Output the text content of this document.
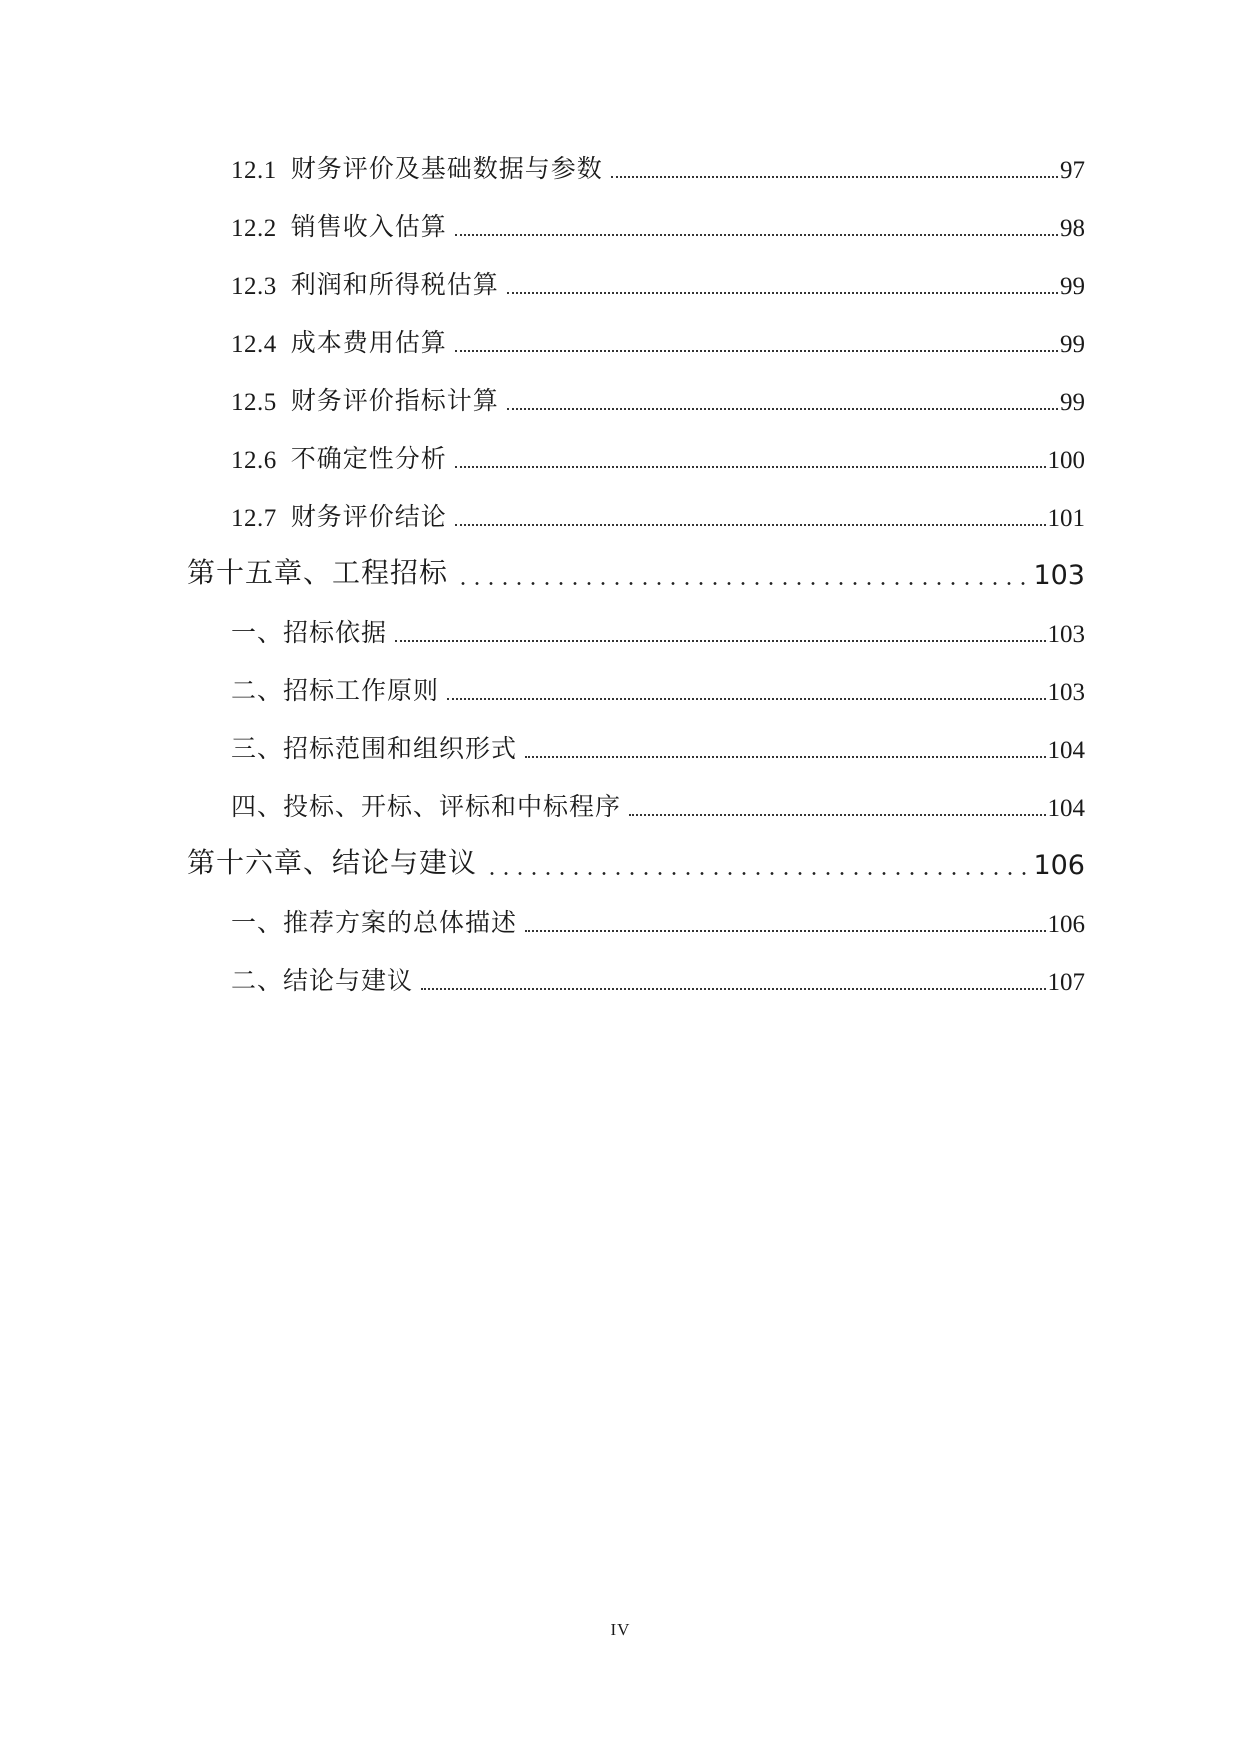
12.1 财务评价及基础数据与参数	97
12.2 销售收入估算	98
12.3 利润和所得税估算	99
12.4 成本费用估算	99
12.5 财务评价指标计算	99
12.6 不确定性分析	100
12.7 财务评价结论	101
第十五章、工程招标	103
一、招标依据	103
二、招标工作原则	103
三、招标范围和组织形式	104
四、投标、开标、评标和中标程序	104
第十六章、结论与建议	106
一、推荐方案的总体描述	106
二、结论与建议	107
IV
